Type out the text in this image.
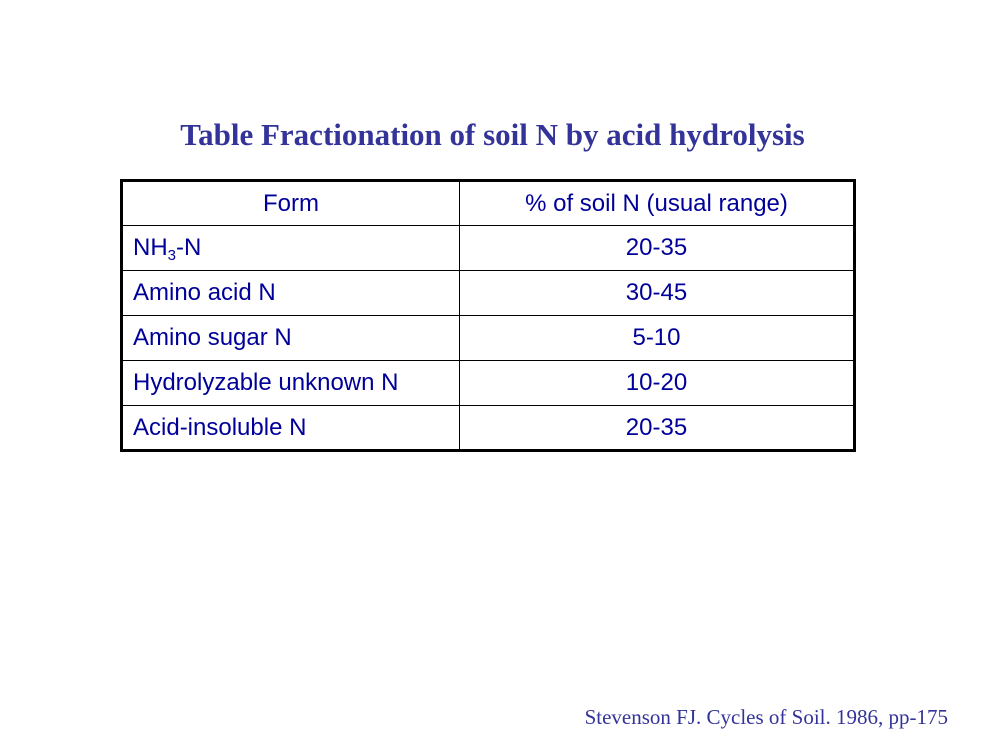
Table Fractionation of soil N by acid hydrolysis
Form	% of soil N (usual range)
$NH_3-N$	20-35
Amino acid N	30-45
Amino sugar N	5-10
Hydrolyzable unknown N	10-20
Acid-insoluble N	20-35

Stevenson FJ. Cycles of Soil. 1986, pp-175
